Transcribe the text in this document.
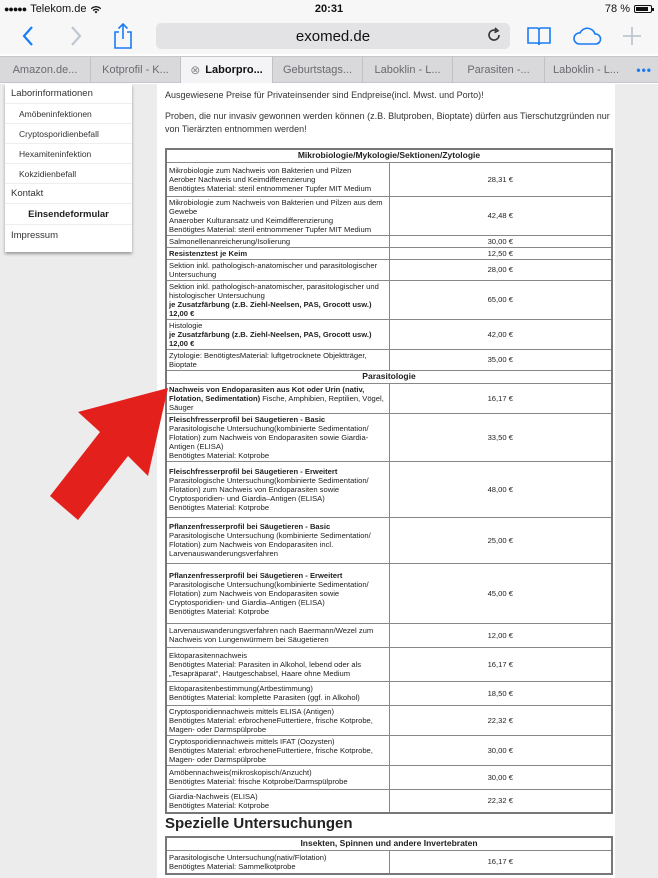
●●●●● Telekom.de	20:31	78 %
exomed.de
Amazon.de... Kotprofil - K... ⊗ Laborpro... Geburtstags... Laboklin - L... Parasiten -... Laboklin - L... •••
Laborinformationen
Amöbeninfektionen
Cryptosporidienbefall
Hexamiteninfektion
Kokzidienbefall
Kontakt
Einsendeformular
Impressum
Ausgewiesene Preise für Privateinsender sind Endpreise(incl. Mwst. und Porto)!
Proben, die nur invasiv gewonnen werden können (z.B. Blutproben, Bioptate) dürfen aus Tierschutzgründen nur von Tierärzten entnommen werden!
Mikrobiologie/Mykologie/Sektionen/Zytologie	

Mikrobiologie zum Nachweis von Bakterien und Pilzen
Aerober Nachweis und Keimdifferenzierung
Benötigtes Material: steril entnommener Tupfer MIT Medium	28,31 €

Mikrobiologie zum Nachweis von Bakterien und Pilzen aus dem Gewebe
Anaerober Kulturansatz und Keimdifferenzierung
Benötigtes Material: steril entnommener Tupfer MIT Medium	42,48 €

Salmonellenanreicherung/Isolierung	30,00 €

Resistenztest je Keim	12,50 €

Sektion inkl. pathologisch-anatomischer und parasitologischer Untersuchung	28,00 €

Sektion inkl. pathologisch-anatomischer, parasitologischer und histologischer Untersuchung
je Zusatzfärbung (z.B. Ziehl-Neelsen, PAS, Grocott usw.) 12,00 €	65,00 €

Histologie
je Zusatzfärbung (z.B. Ziehl-Neelsen, PAS, Grocott usw.) 12,00 €	42,00 €

Zytologie: BenötigtesMaterial: luftgetrocknete Objektträger, Bioptate	35,00 €
Parasitologie	
Nachweis von Endoparasiten aus Kot oder Urin (nativ, Flotation, Sedimentation) Fische, Amphibien, Reptilien, Vögel, Säuger	16,17 €

Fleischfresserprofil bei Säugetieren - Basic
Parasitologische Untersuchung(kombinierte Sedimentation/ Flotation) zum Nachweis von Endoparasiten sowie Giardia-Antigen (ELISA)
Benötigtes Material: Kotprobe	33,50 €

Fleischfresserprofil bei Säugetieren - Erweitert
Parasitologische Untersuchung(kombinierte Sedimentation/ Flotation) zum Nachweis von Endoparasiten sowie Cryptosporidien- und Giardia–Antigen (ELISA)
Benötigtes Material: Kotprobe	48,00 €

Pflanzenfresserprofil bei Säugetieren - Basic
Parasitologische Untersuchung (kombinierte Sedimentation/ Flotation) zum Nachweis von Endoparasiten incl. Larvenauswanderungsverfahren	25,00 €

Pflanzenfresserprofil bei Säugetieren - Erweitert
Parasitologische Untersuchung(kombinierte Sedimentation/ Flotation) zum Nachweis von Endoparasiten sowie Cryptosporidien- und Giardia–Antigen (ELISA)
Benötigtes Material: Kotprobe	45,00 €

Larvenauswanderungsverfahren nach Baermann/Wezel zum Nachweis von Lungenwürmern bei Säugetieren	12,00 €

Ektoparasitennachweis
Benötigtes Material: Parasiten in Alkohol, lebend oder als „Tesapräparat“, Hautgeschabsel, Haare ohne Medium	16,17 €

Ektoparasitenbestimmung(Artbestimmung)
Benötigtes Material: komplette Parasiten (ggf. in Alkohol)	18,50 €

Cryptosporidiennachweis mittels ELISA (Antigen)
Benötigtes Material: erbrocheneFuttertiere, frische Kotprobe, Magen- oder Darmspülprobe	22,32 €

Cryptosporidiennachweis mittels IFAT (Oozysten)
Benötigtes Material: erbrocheneFuttertiere, frische Kotprobe, Magen- oder Darmspülprobe	30,00 €

Amöbennachweis(mikroskopisch/Anzucht)
Benötigtes Material: frische Kotprobe/Darmspülprobe	30,00 €

Giardia-Nachweis (ELISA)
Benötigtes Material: Kotprobe	22,32 €
Spezielle Untersuchungen
Insekten, Spinnen und andere Invertebraten

Parasitologische Untersuchung(nativ/Flotation)
Benötigtes Material: Sammelkotprobe	16,17 €
